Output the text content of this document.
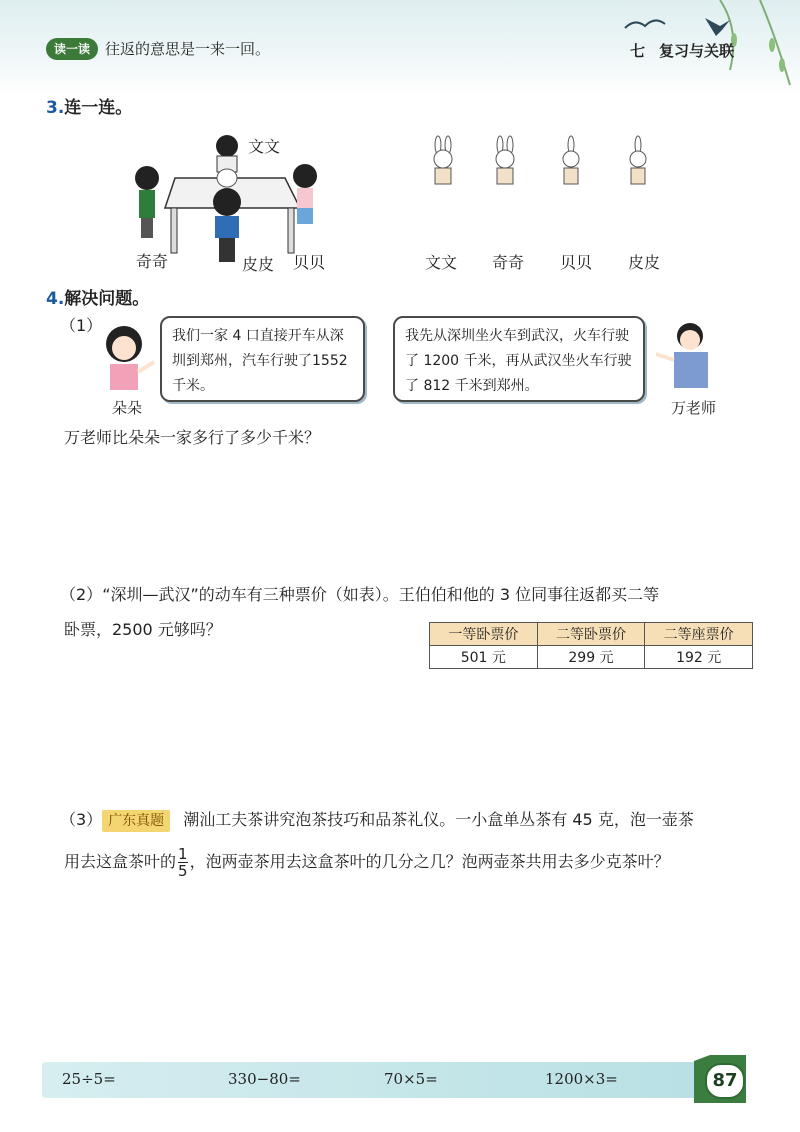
读一读	往返的意思是一来一回。	七 复习与关联
3.连一连。
文文
奇奇	皮皮 贝贝	文文 奇奇 贝贝 皮皮
4.解决问题。
（1）
朵朵
我们一家 4 口直接开车从深圳到郑州，汽车行驶了1552 千米。
我先从深圳坐火车到武汉，火车行驶了 1200 千米，再从武汉坐火车行驶了 812 千米到郑州。
万老师
万老师比朵朵一家多行了多少千米？
（2）“深圳—武汉”的动车有三种票价（如表）。王伯伯和他的 3 位同事往返都买二等
卧票，2500 元够吗？	一等卧票价	二等卧票价	二等座票价
501 元	299 元	192 元
（3） 广东真题 潮汕工夫茶讲究泡茶技巧和品茶礼仪。一小盒单丛茶有 45 克，泡一壶茶
用去这盒茶叶的 $\frac{1}{5}$ ，泡两壶茶用去这盒茶叶的几分之几？泡两壶茶共用去多少克茶叶？
25÷5=	330−80=	70×5=	1200×3=	87
